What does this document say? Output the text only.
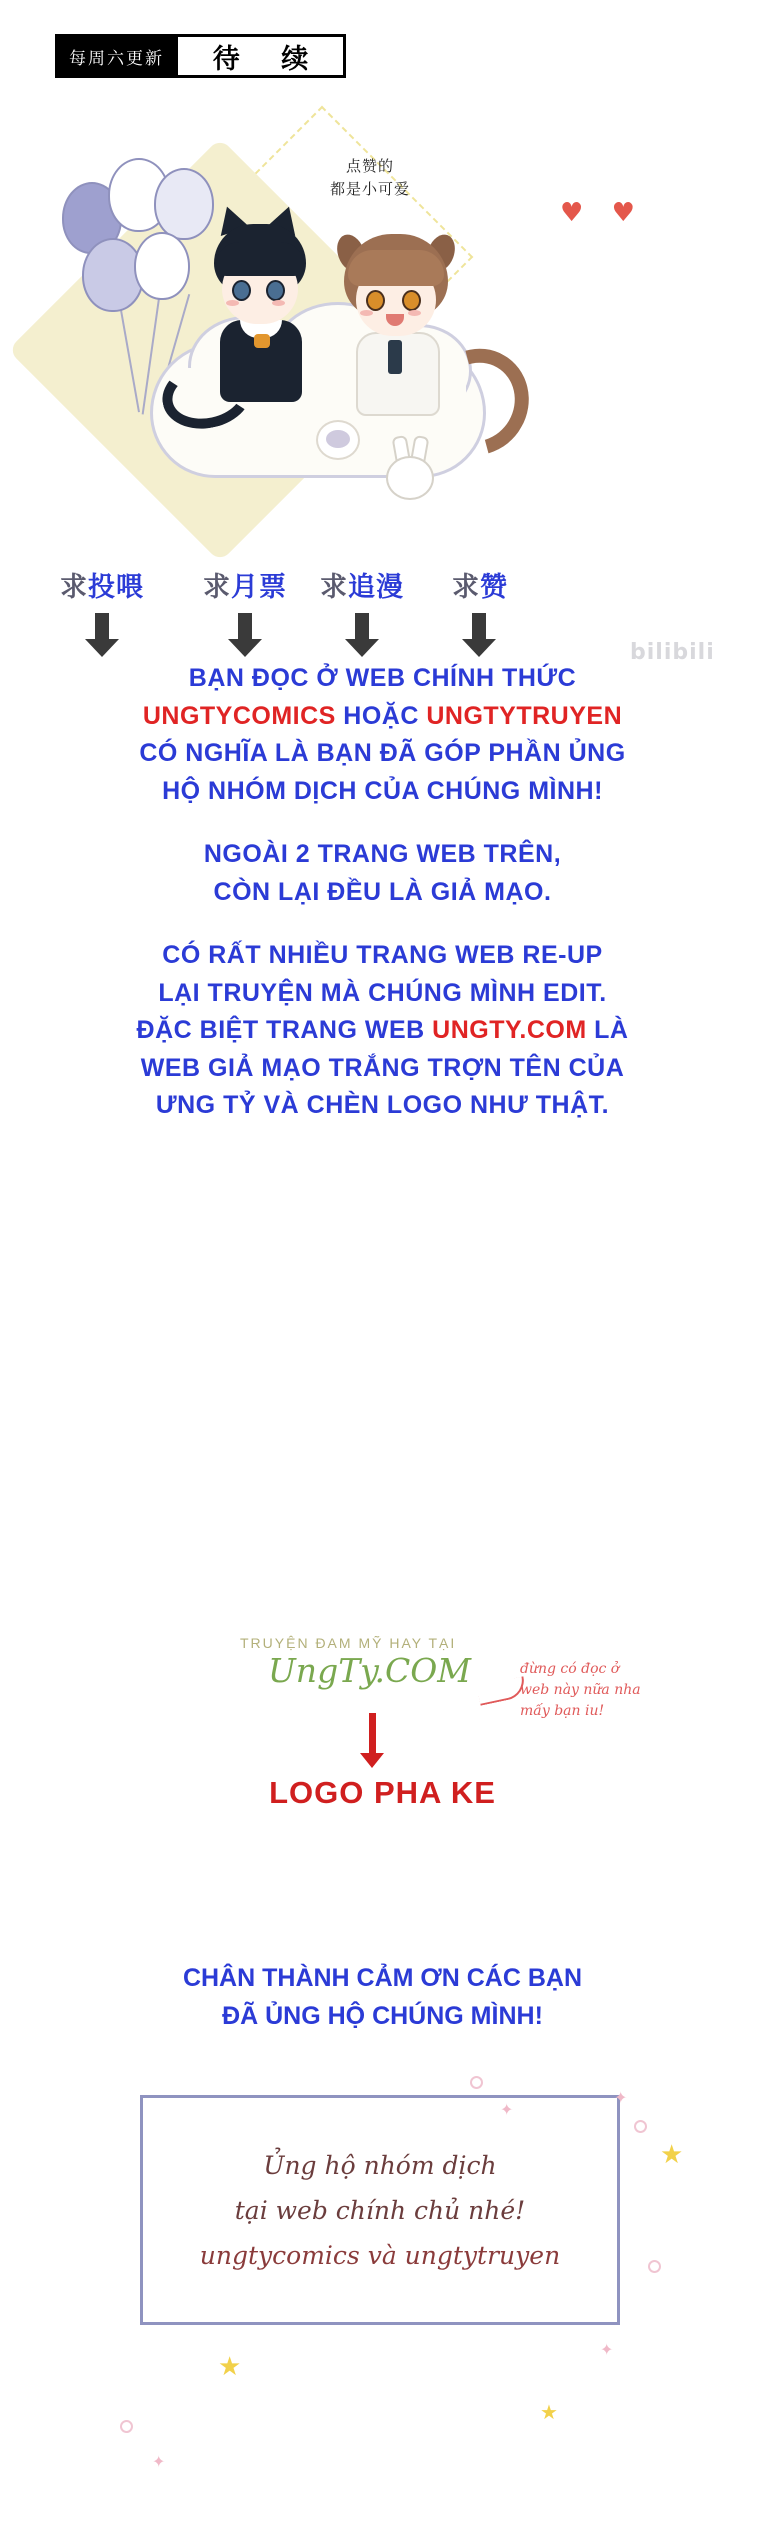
每周六更新	待 续
点赞的
都是小可爱
♥ ♥
求投喂	求月票	求追漫	求赞
bilibili

BẠN ĐỌC Ở WEB CHÍNH THỨC
UNGTYCOMICS HOẶC UNGTYTRUYEN
CÓ NGHĨA LÀ BẠN ĐÃ GÓP PHẦN ỦNG
HỘ NHÓM DỊCH CỦA CHÚNG MÌNH!

NGOÀI 2 TRANG WEB TRÊN,
CÒN LẠI ĐỀU LÀ GIẢ MẠO.

CÓ RẤT NHIỀU TRANG WEB RE-UP
LẠI TRUYỆN MÀ CHÚNG MÌNH EDIT.
ĐẶC BIỆT TRANG WEB UNGTY.COM LÀ
WEB GIẢ MẠO TRẮNG TRỢN TÊN CỦA
ƯNG TỶ VÀ CHÈN LOGO NHƯ THẬT.

TRUYỆN ĐAM MỸ HAY TẠI
UngTy.COM	đừng có đọc ở
web này nữa nha
mấy bạn iu!
LOGO PHA KE
CHÂN THÀNH CẢM ƠN CÁC BẠN
ĐÃ ỦNG HỘ CHÚNG MÌNH!
Ủng hộ nhóm dịch
tại web chính chủ nhé!
ungtycomics và ungtytruyen
★
★
★
✦
✦
✦
✦
